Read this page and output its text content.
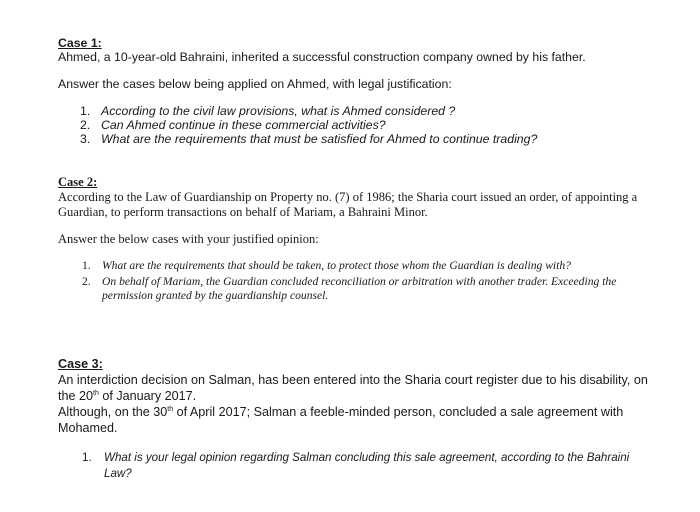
Case 1:
Ahmed, a 10-year-old Bahraini, inherited a successful construction company owned by his father.
Answer the cases below being applied on Ahmed, with legal justification:
1. According to the civil law provisions, what is Ahmed considered ?
2. Can Ahmed continue in these commercial activities?
3. What are the requirements that must be satisfied for Ahmed to continue trading?
Case 2:
According to the Law of Guardianship on Property no. (7) of 1986; the Sharia court issued an order, of appointing a Guardian, to perform transactions on behalf of Mariam, a Bahraini Minor.
Answer the below cases with your justified opinion:
1. What are the requirements that should be taken, to protect those whom the Guardian is dealing with?
2. On behalf of Mariam, the Guardian concluded reconciliation or arbitration with another trader. Exceeding the permission granted by the guardianship counsel.
Case 3:
An interdiction decision on Salman, has been entered into the Sharia court register due to his disability, on the 20th of January 2017.
Although, on the 30th of April 2017; Salman a feeble-minded person, concluded a sale agreement with Mohamed.
1. What is your legal opinion regarding Salman concluding this sale agreement, according to the Bahraini Law?
